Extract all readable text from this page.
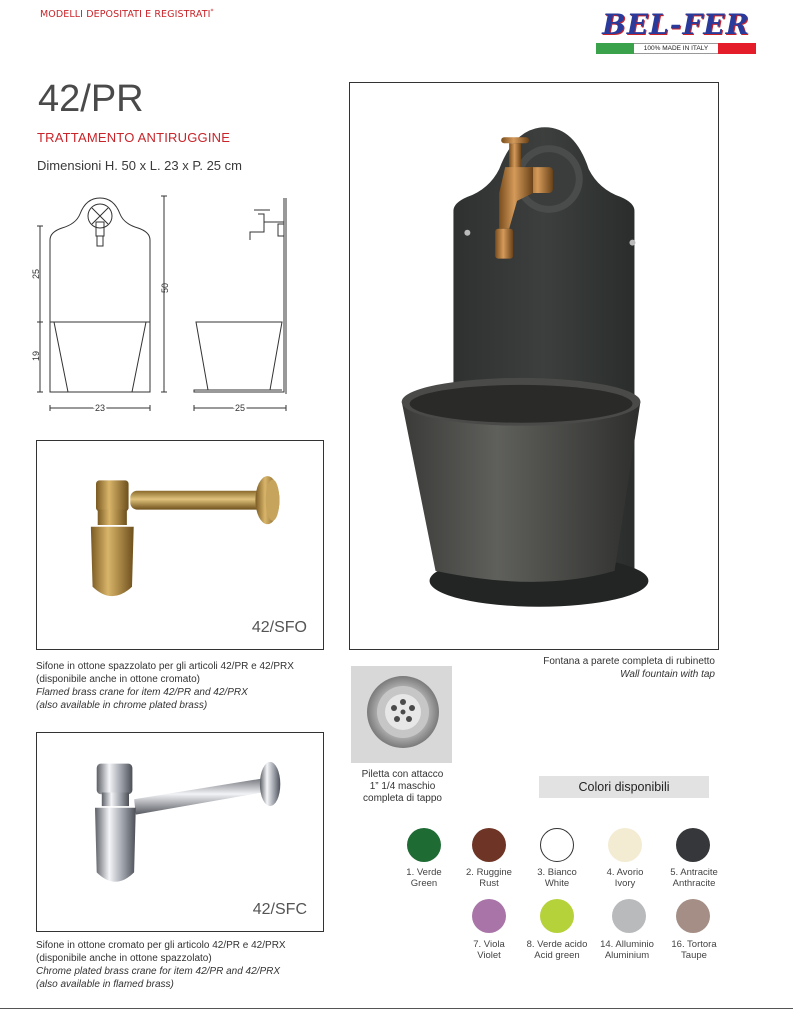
MODELLI DEPOSITATI E REGISTRATI*	BEL-FER
100% MADE IN ITALY
42/PR
TRATTAMENTO ANTIRUGGINE
Dimensioni H. 50 x L. 23 x P. 25 cm
25
19
50
23	25
42/SFO
Sifone in ottone spazzolato per gli articoli 42/PR e 42/PRX
(disponibile anche in ottone cromato)
Flamed brass crane for item 42/PR and 42/PRX
(also available in chrome plated brass)
42/SFC
Sifone in ottone cromato per gli articolo 42/PR e 42/PRX
(disponibile anche in ottone spazzolato)
Chrome plated brass crane for item 42/PR and 42/PRX
(also available in flamed brass)
Fontana a parete completa di rubinetto
Wall fountain with tap
Piletta con attacco
1” 1/4 maschio
completa di tappo
Colori disponibili
1. Verde
Green
2. Ruggine
Rust
3. Bianco
White
4. Avorio
Ivory
5. Antracite
Anthracite
7. Viola
Violet
8. Verde acido
Acid green
14. Alluminio
Aluminium
16. Tortora
Taupe
